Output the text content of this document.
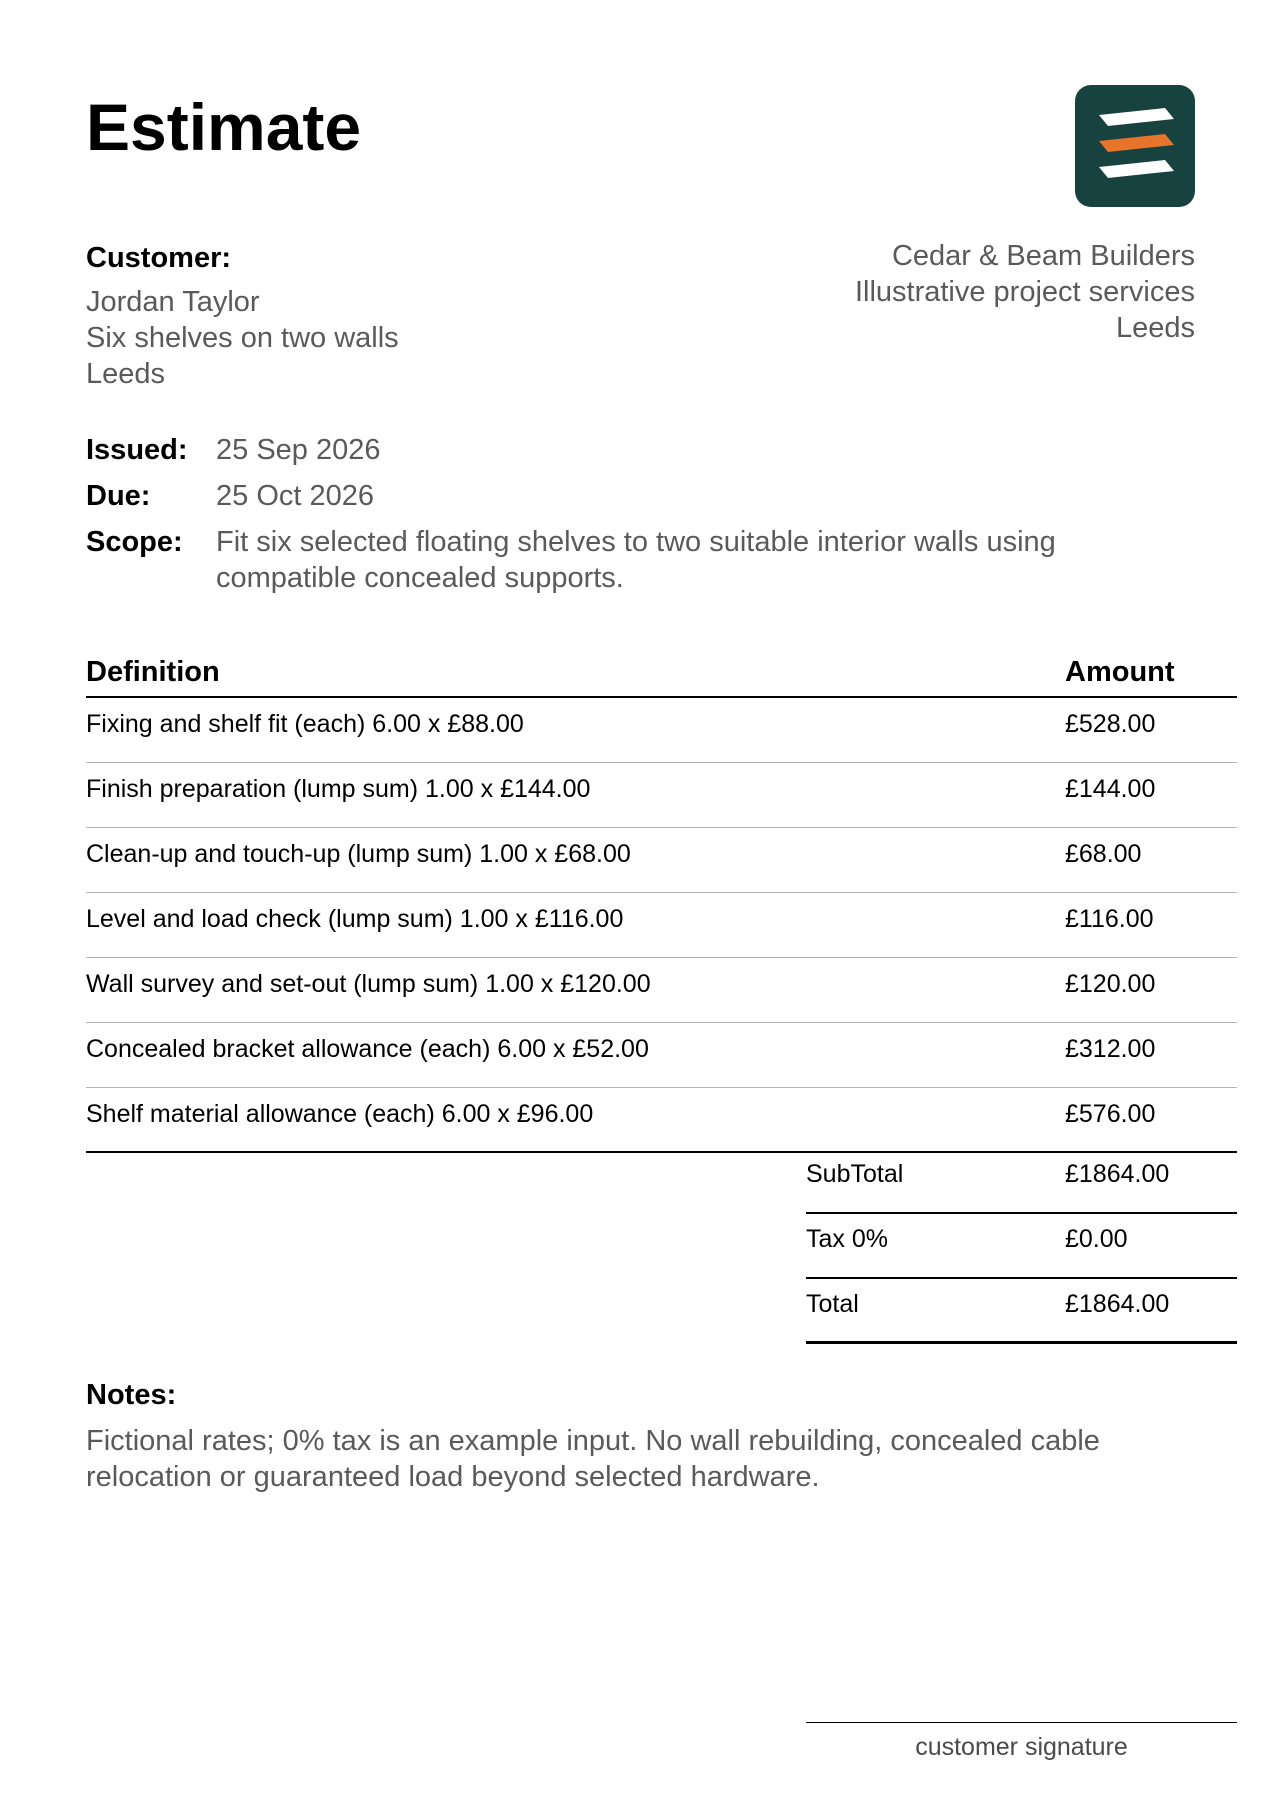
Estimate
Customer:
Jordan Taylor
Six shelves on two walls
Leeds
Cedar & Beam Builders
Illustrative project services
Leeds
Issued: 25 Sep 2026
Due:	25 Oct 2026
Scope:	Fit six selected floating shelves to two suitable interior walls using compatible concealed supports.
Definition	Amount
Fixing and shelf fit (each) 6.00 x £88.00	£528.00
Finish preparation (lump sum) 1.00 x £144.00	£144.00
Clean-up and touch-up (lump sum) 1.00 x £68.00	£68.00
Level and load check (lump sum) 1.00 x £116.00	£116.00
Wall survey and set-out (lump sum) 1.00 x £120.00	£120.00
Concealed bracket allowance (each) 6.00 x £52.00	£312.00
Shelf material allowance (each) 6.00 x £96.00	£576.00
SubTotal	£1864.00
Tax 0%	£0.00
Total	£1864.00
Notes:
Fictional rates; 0% tax is an example input. No wall rebuilding, concealed cable relocation or guaranteed load beyond selected hardware.
customer signature
